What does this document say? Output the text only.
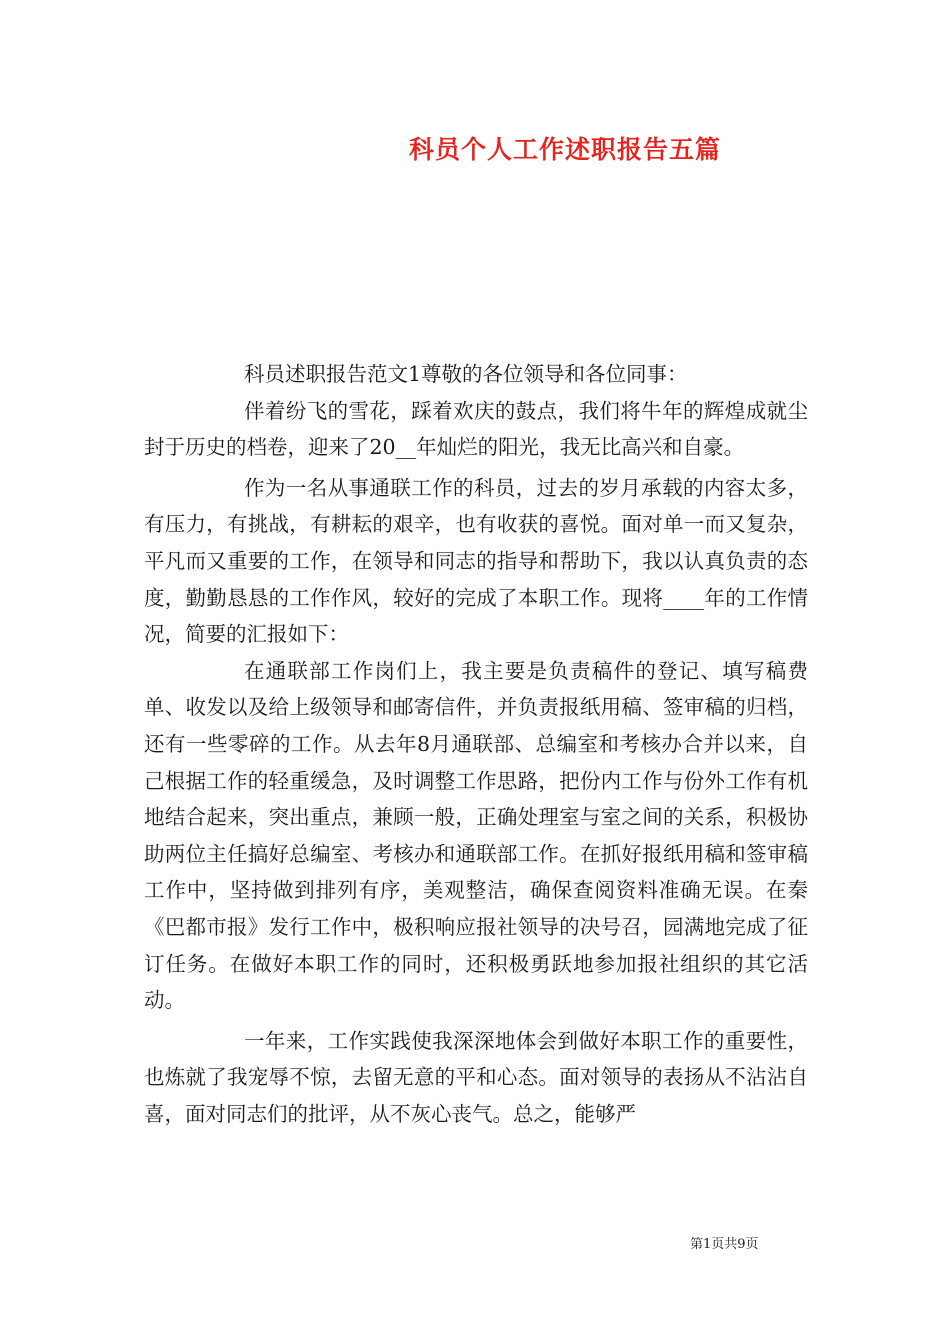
科员个人工作述职报告五篇

科员述职报告范文1尊敬的各位领导和各位同事：

伴着纷飞的雪花，踩着欢庆的鼓点，我们将牛年的辉煌成就尘封于历史的档卷，迎来了20__年灿烂的阳光，我无比高兴和自豪。

作为一名从事通联工作的科员，过去的岁月承载的内容太多，有压力，有挑战，有耕耘的艰辛，也有收获的喜悦。面对单一而又复杂，平凡而又重要的工作，在领导和同志的指导和帮助下，我以认真负责的态度，勤勤恳恳的工作作风，较好的完成了本职工作。现将____年的工作情况，简要的汇报如下：

在通联部工作岗们上，我主要是负责稿件的登记、填写稿费单、收发以及给上级领导和邮寄信件，并负责报纸用稿、签审稿的归档，还有一些零碎的工作。从去年8月通联部、总编室和考核办合并以来，自己根据工作的轻重缓急，及时调整工作思路，把份内工作与份外工作有机地结合起来，突出重点，兼顾一般，正确处理室与室之间的关系，积极协助两位主任搞好总编室、考核办和通联部工作。在抓好报纸用稿和签审稿工作中，坚持做到排列有序，美观整洁，确保查阅资料准确无误。在秦《巴都市报》发行工作中，极积响应报社领导的决号召，园满地完成了征订任务。在做好本职工作的同时，还积极勇跃地参加报社组织的其它活动。

一年来，工作实践使我深深地体会到做好本职工作的重要性，也炼就了我宠辱不惊，去留无意的平和心态。面对领导的表扬从不沾沾自喜，面对同志们的批评，从不灰心丧气。总之，能够严

第1页共9页
